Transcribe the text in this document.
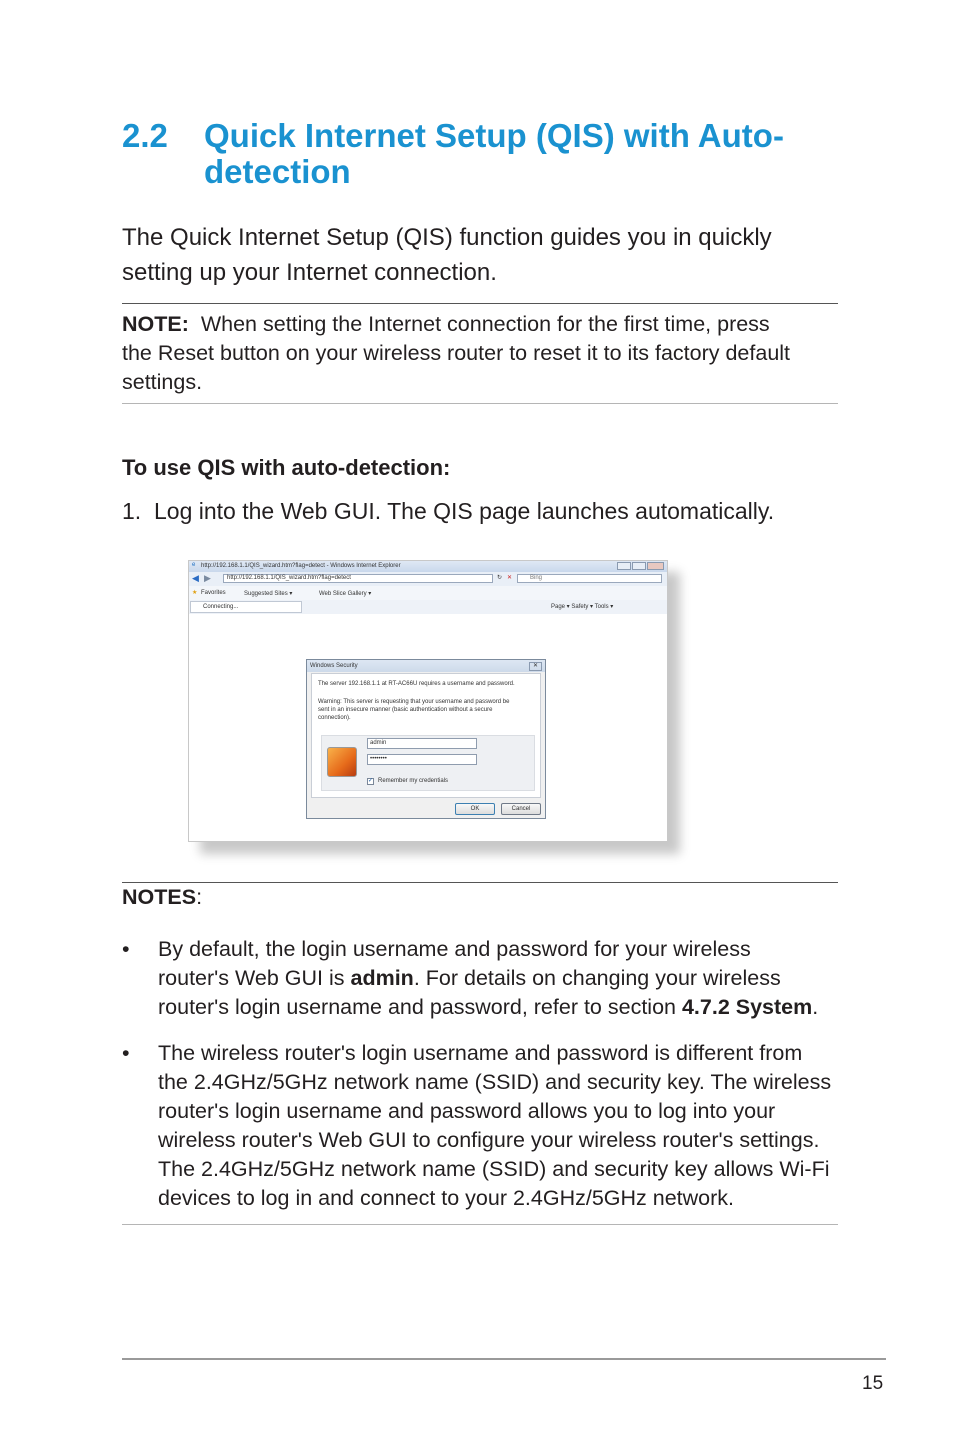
2.2 Quick Internet Setup (QIS) with Auto-
detection
The Quick Internet Setup (QIS) function guides you in quickly
setting up your Internet connection.
NOTE: When setting the Internet connection for the first time, press
the Reset button on your wireless router to reset it to its factory default
settings.
To use QIS with auto-detection:
1. Log into the Web GUI. The QIS page launches automatically.
e http://192.168.1.1/QIS_wizard.htm?flag=detect - Windows Internet Explorer
◀ ▶	http://192.168.1.1/QIS_wizard.htm?flag=detect	↻ ✕	Bing
★ Favorites	Suggested Sites ▾	Web Slice Gallery ▾
Connecting...	Page ▾ Safety ▾ Tools ▾
Windows Security	✕
The server 192.168.1.1 at RT-AC66U requires a username and password.
Warning: This server is requesting that your username and password be
sent in an insecure manner (basic authentication without a secure
connection).
admin
••••••••
✓ Remember my credentials
OK	Cancel
NOTES:
•	By default, the login username and password for your wireless
router's Web GUI is admin. For details on changing your wireless
router's login username and password, refer to section 4.7.2 System.
•	The wireless router's login username and password is different from
the 2.4GHz/5GHz network name (SSID) and security key. The wireless
router's login username and password allows you to log into your
wireless router's Web GUI to configure your wireless router's settings.
The 2.4GHz/5GHz network name (SSID) and security key allows Wi-Fi
devices to log in and connect to your 2.4GHz/5GHz network.
15
